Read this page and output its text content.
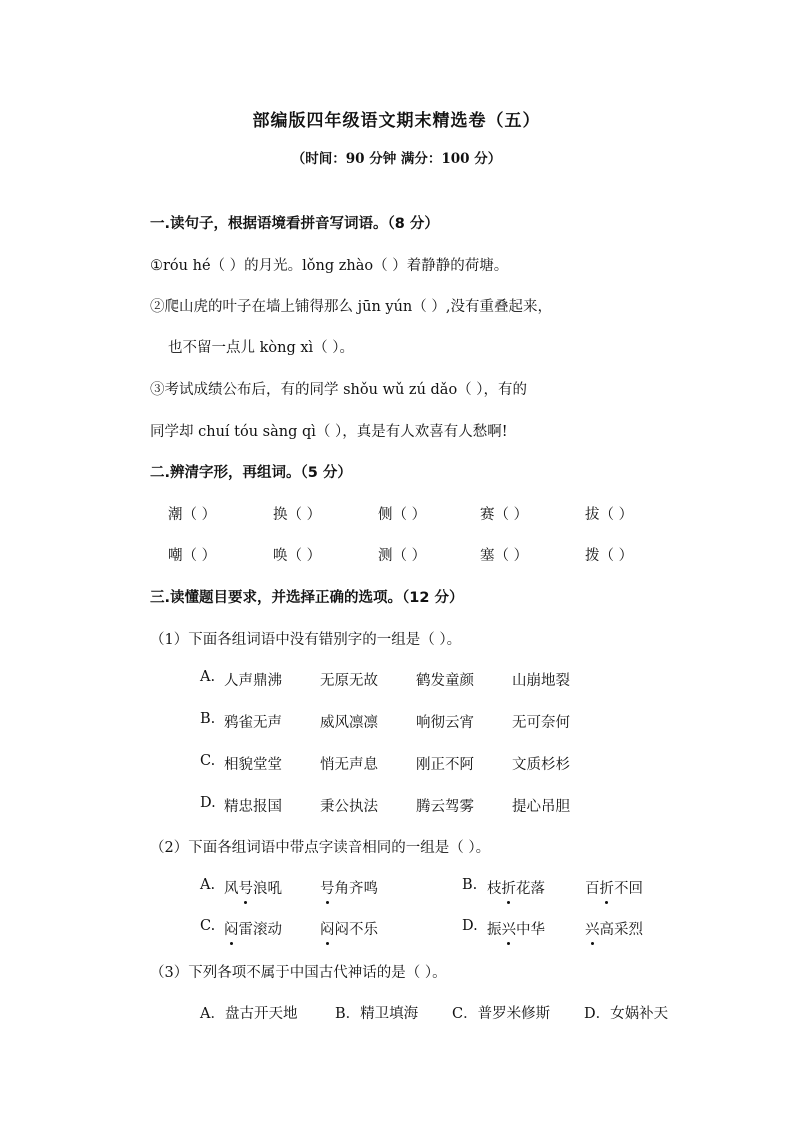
部编版四年级语文期末精选卷（五）
（时间：90 分钟 满分：100 分）
一.读句子，根据语境看拼音写词语。（8 分）
①róu hé（ ）的月光。lǒng zhào（ ）着静静的荷塘。
②爬山虎的叶子在墙上铺得那么 jūn yún（ ）,没有重叠起来，
也不留一点儿 kòng xì（ ）。
③考试成绩公布后，有的同学 shǒu wǔ zú dǎo（ ），有的
同学却 chuí tóu sàng qì（ ），真是有人欢喜有人愁啊!
二.辨清字形，再组词。（5 分）
潮（ ）	换（ ）	侧（ ）	赛（ ）	拔（ ）
嘲（ ）	唤（ ）	测（ ）	塞（ ）	拨（ ）
三.读懂题目要求，并选择正确的选项。（12 分）
（1）下面各组词语中没有错别字的一组是（ ）。
A. 人声鼎沸	无原无故	鹤发童颜	山崩地裂
B. 鸦雀无声	威风凛凛	响彻云宵	无可奈何
C. 相貌堂堂	悄无声息	刚正不阿	文质杉杉
D. 精忠报国	秉公执法	腾云驾雾	提心吊胆
（2）下面各组词语中带点字读音相同的一组是（ ）。
A. 风号浪吼	号角齐鸣	B. 枝折花落	百折不回
C. 闷雷滚动	闷闷不乐	D. 振兴中华	兴高采烈
（3）下列各项不属于中国古代神话的是（ ）。
A．盘古开天地	B．精卫填海 C．普罗米修斯 D．女娲补天
